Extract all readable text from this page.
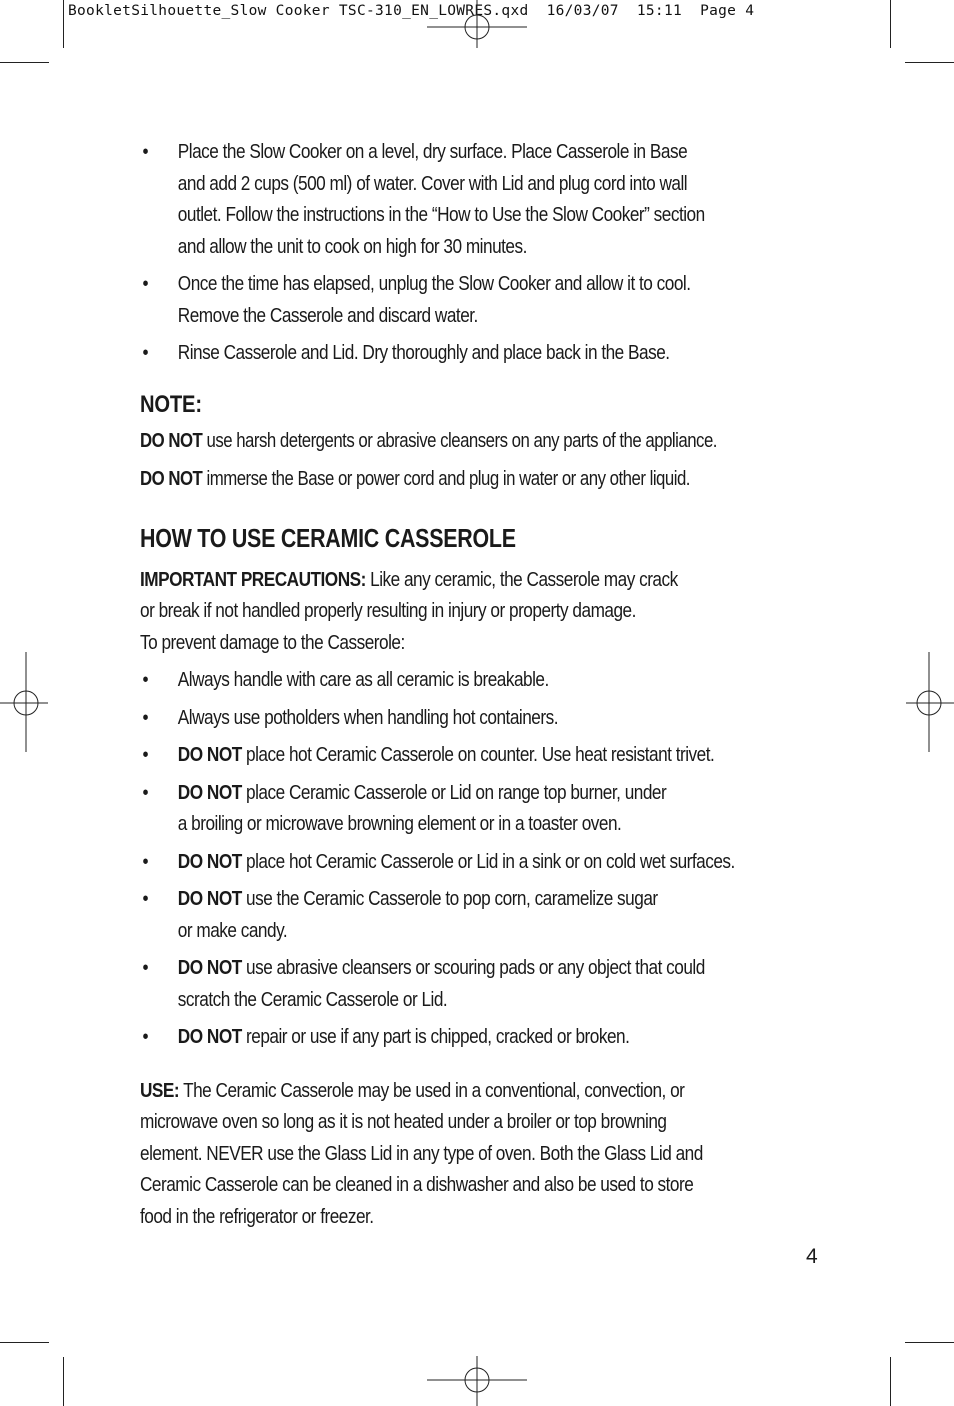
BookletSilhouette_Slow Cooker TSC-310_EN_LOWRES.qxd  16/03/07  15:11  Page 4
• Place the Slow Cooker on a level, dry surface. Place Casserole in Base
and add 2 cups (500 ml) of water. Cover with Lid and plug cord into wall
outlet. Follow the instructions in the “How to Use the Slow Cooker” section
and allow the unit to cook on high for 30 minutes.
• Once the time has elapsed, unplug the Slow Cooker and allow it to cool.
Remove the Casserole and discard water.
• Rinse Casserole and Lid. Dry thoroughly and place back in the Base.
NOTE:
DO NOT use harsh detergents or abrasive cleansers on any parts of the appliance.
DO NOT immerse the Base or power cord and plug in water or any other liquid.
HOW TO USE CERAMIC CASSEROLE
IMPORTANT PRECAUTIONS: Like any ceramic, the Casserole may crack
or break if not handled properly resulting in injury or property damage.
To prevent damage to the Casserole:
• Always handle with care as all ceramic is breakable.
• Always use potholders when handling hot containers.
• DO NOT place hot Ceramic Casserole on counter. Use heat resistant trivet.
• DO NOT place Ceramic Casserole or Lid on range top burner, under
a broiling or microwave browning element or in a toaster oven.
• DO NOT place hot Ceramic Casserole or Lid in a sink or on cold wet surfaces.
• DO NOT use the Ceramic Casserole to pop corn, caramelize sugar
or make candy.
• DO NOT use abrasive cleansers or scouring pads or any object that could
scratch the Ceramic Casserole or Lid.
• DO NOT repair or use if any part is chipped, cracked or broken.
USE: The Ceramic Casserole may be used in a conventional, convection, or
microwave oven so long as it is not heated under a broiler or top browning
element. NEVER use the Glass Lid in any type of oven. Both the Glass Lid and
Ceramic Casserole can be cleaned in a dishwasher and also be used to store
food in the refrigerator or freezer.
4
